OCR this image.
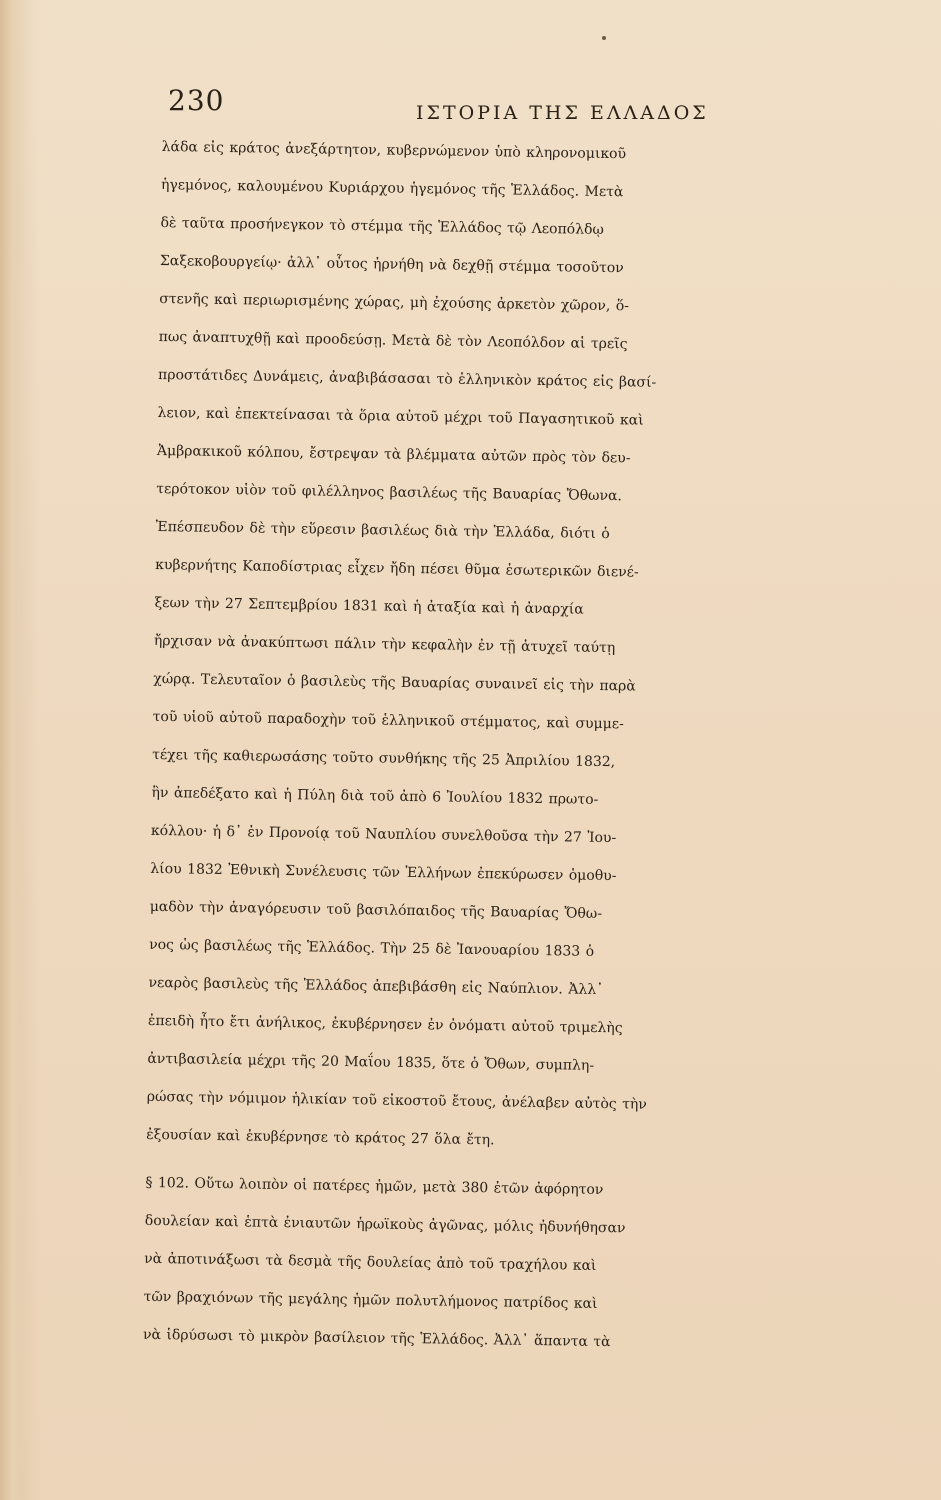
230	ΙΣΤΟΡΙΑ ΤΗΣ ΕΛΛΑΔΟΣ
λάδα εἰς κράτος ἀνεξάρτητον, κυβερνώμενον ὑπὸ κληρονομικοῦ
ἡγεμόνος, καλουμένου Κυριάρχου ἡγεμόνος τῆς Ἑλλάδος. Μετὰ
δὲ ταῦτα προσήνεγκον τὸ στέμμα τῆς Ἑλλάδος τῷ Λεοπόλδῳ
Σαξεκοβουργείῳ· ἀλλ᾽ οὗτος ἠρνήθη νὰ δεχθῇ στέμμα τοσοῦτον
στενῆς καὶ περιωρισμένης χώρας, μὴ ἐχούσης ἀρκετὸν χῶρον, ὅ-
πως ἀναπτυχθῇ καὶ προοδεύσῃ. Μετὰ δὲ τὸν Λεοπόλδον αἱ τρεῖς
προστάτιδες Δυνάμεις, ἀναβιβάσασαι τὸ ἑλληνικὸν κράτος εἰς βασί-
λειον, καὶ ἐπεκτείνασαι τὰ ὅρια αὐτοῦ μέχρι τοῦ Παγασητικοῦ καὶ
Ἀμβρακικοῦ κόλπου, ἔστρεψαν τὰ βλέμματα αὐτῶν πρὸς τὸν δευ-
τερότοκον υἱὸν τοῦ φιλέλληνος βασιλέως τῆς Βαυαρίας Ὄθωνα.
Ἐπέσπευδον δὲ τὴν εὕρεσιν βασιλέως διὰ τὴν Ἑλλάδα, διότι ὁ
κυβερνήτης Καποδίστριας εἶχεν ἤδη πέσει θῦμα ἐσωτερικῶν διενέ-
ξεων τὴν 27 Σεπτεμβρίου 1831 καὶ ἡ ἀταξία καὶ ἡ ἀναρχία
ἤρχισαν νὰ ἀνακύπτωσι πάλιν τὴν κεφαλὴν ἐν τῇ ἀτυχεῖ ταύτῃ
χώρᾳ. Τελευταῖον ὁ βασιλεὺς τῆς Βαυαρίας συναινεῖ εἰς τὴν παρὰ
τοῦ υἱοῦ αὐτοῦ παραδοχὴν τοῦ ἑλληνικοῦ στέμματος, καὶ συμμε-
τέχει τῆς καθιερωσάσης τοῦτο συνθήκης τῆς 25 Ἀπριλίου 1832,
ἣν ἀπεδέξατο καὶ ἡ Πύλη διὰ τοῦ ἀπὸ 6 Ἰουλίου 1832 πρωτο-
κόλλου· ἡ δ᾽ ἐν Προνοίᾳ τοῦ Ναυπλίου συνελθοῦσα τὴν 27 Ἰου-
λίου 1832 Ἐθνικὴ Συνέλευσις τῶν Ἑλλήνων ἐπεκύρωσεν ὁμοθυ-
μαδὸν τὴν ἀναγόρευσιν τοῦ βασιλόπαιδος τῆς Βαυαρίας Ὄθω-
νος ὡς βασιλέως τῆς Ἑλλάδος. Τὴν 25 δὲ Ἰανουαρίου 1833 ὁ
νεαρὸς βασιλεὺς τῆς Ἑλλάδος ἀπεβιβάσθη εἰς Ναύπλιον. Ἀλλ᾽
ἐπειδὴ ἦτο ἔτι ἀνήλικος, ἐκυβέρνησεν ἐν ὀνόματι αὐτοῦ τριμελὴς
ἀντιβασιλεία μέχρι τῆς 20 Μαΐου 1835, ὅτε ὁ Ὄθων, συμπλη-
ρώσας τὴν νόμιμον ἡλικίαν τοῦ εἰκοστοῦ ἔτους, ἀνέλαβεν αὐτὸς τὴν
ἐξουσίαν καὶ ἐκυβέρνησε τὸ κράτος 27 ὅλα ἔτη.
§ 102. Οὕτω λοιπὸν οἱ πατέρες ἡμῶν, μετὰ 380 ἐτῶν ἀφόρητον
δουλείαν καὶ ἑπτὰ ἐνιαυτῶν ἡρωϊκοὺς ἀγῶνας, μόλις ἠδυνήθησαν
νὰ ἀποτινάξωσι τὰ δεσμὰ τῆς δουλείας ἀπὸ τοῦ τραχήλου καὶ
τῶν βραχιόνων τῆς μεγάλης ἡμῶν πολυτλήμονος πατρίδος καὶ
νὰ ἱδρύσωσι τὸ μικρὸν βασίλειον τῆς Ἑλλάδος. Ἀλλ᾽ ἅπαντα τὰ
